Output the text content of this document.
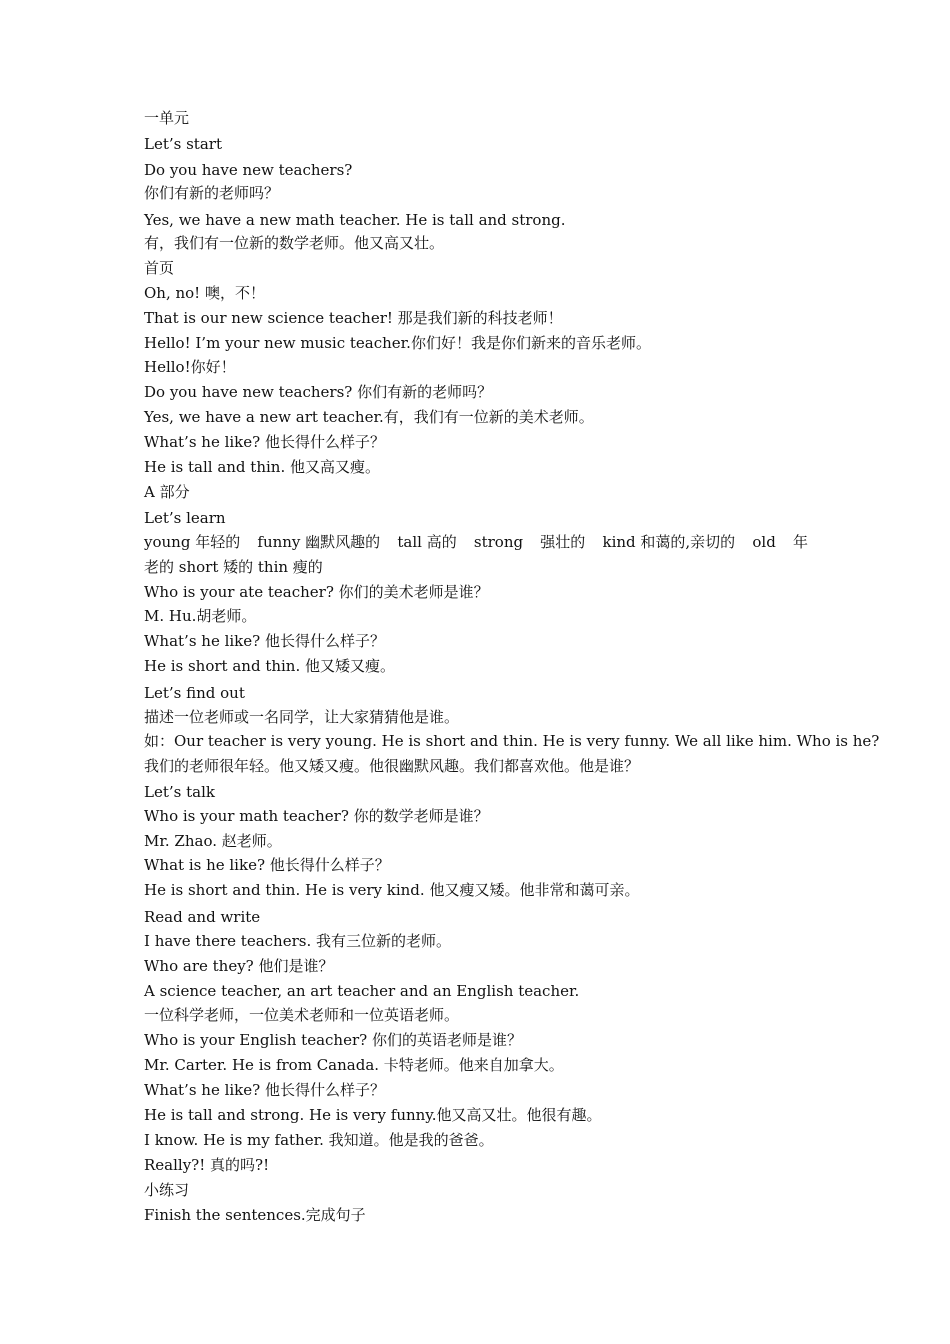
一单元

Let’s start

Do you have new teachers?

你们有新的老师吗？

Yes, we have a new math teacher. He is tall and strong.

有，我们有一位新的数学老师。他又高又壮。

首页

Oh, no! 噢，不！

That is our new science teacher! 那是我们新的科技老师！

Hello! I’m your new music teacher.你们好！我是你们新来的音乐老师。

Hello!你好！

Do you have new teachers? 你们有新的老师吗？

Yes, we have a new art teacher.有，我们有一位新的美术老师。

What’s he like? 他长得什么样子？

He is tall and thin. 他又高又瘦。

A 部分

Let’s learn

young 年轻的 funny 幽默风趣的 tall 高的 strong 强壮的 kind 和蔼的,亲切的 old 年

老的 short 矮的 thin 瘦的

Who is your ate teacher? 你们的美术老师是谁？

M. Hu.胡老师。

What’s he like? 他长得什么样子？

He is short and thin. 他又矮又瘦。

Let’s find out

描述一位老师或一名同学，让大家猜猜他是谁。

如：Our teacher is very young. He is short and thin. He is very funny. We all like him. Who is he?

我们的老师很年轻。他又矮又瘦。他很幽默风趣。我们都喜欢他。他是谁？

Let’s talk

Who is your math teacher? 你的数学老师是谁？

Mr. Zhao. 赵老师。

What is he like? 他长得什么样子？

He is short and thin. He is very kind. 他又瘦又矮。他非常和蔼可亲。

Read and write

I have there teachers. 我有三位新的老师。

Who are they? 他们是谁？

A science teacher, an art teacher and an English teacher.

一位科学老师，一位美术老师和一位英语老师。

Who is your English teacher? 你们的英语老师是谁？

Mr. Carter. He is from Canada. 卡特老师。他来自加拿大。

What’s he like? 他长得什么样子？

He is tall and strong. He is very funny.他又高又壮。他很有趣。

I know. He is my father. 我知道。他是我的爸爸。

Really?! 真的吗?!

小练习

Finish the sentences.完成句子
